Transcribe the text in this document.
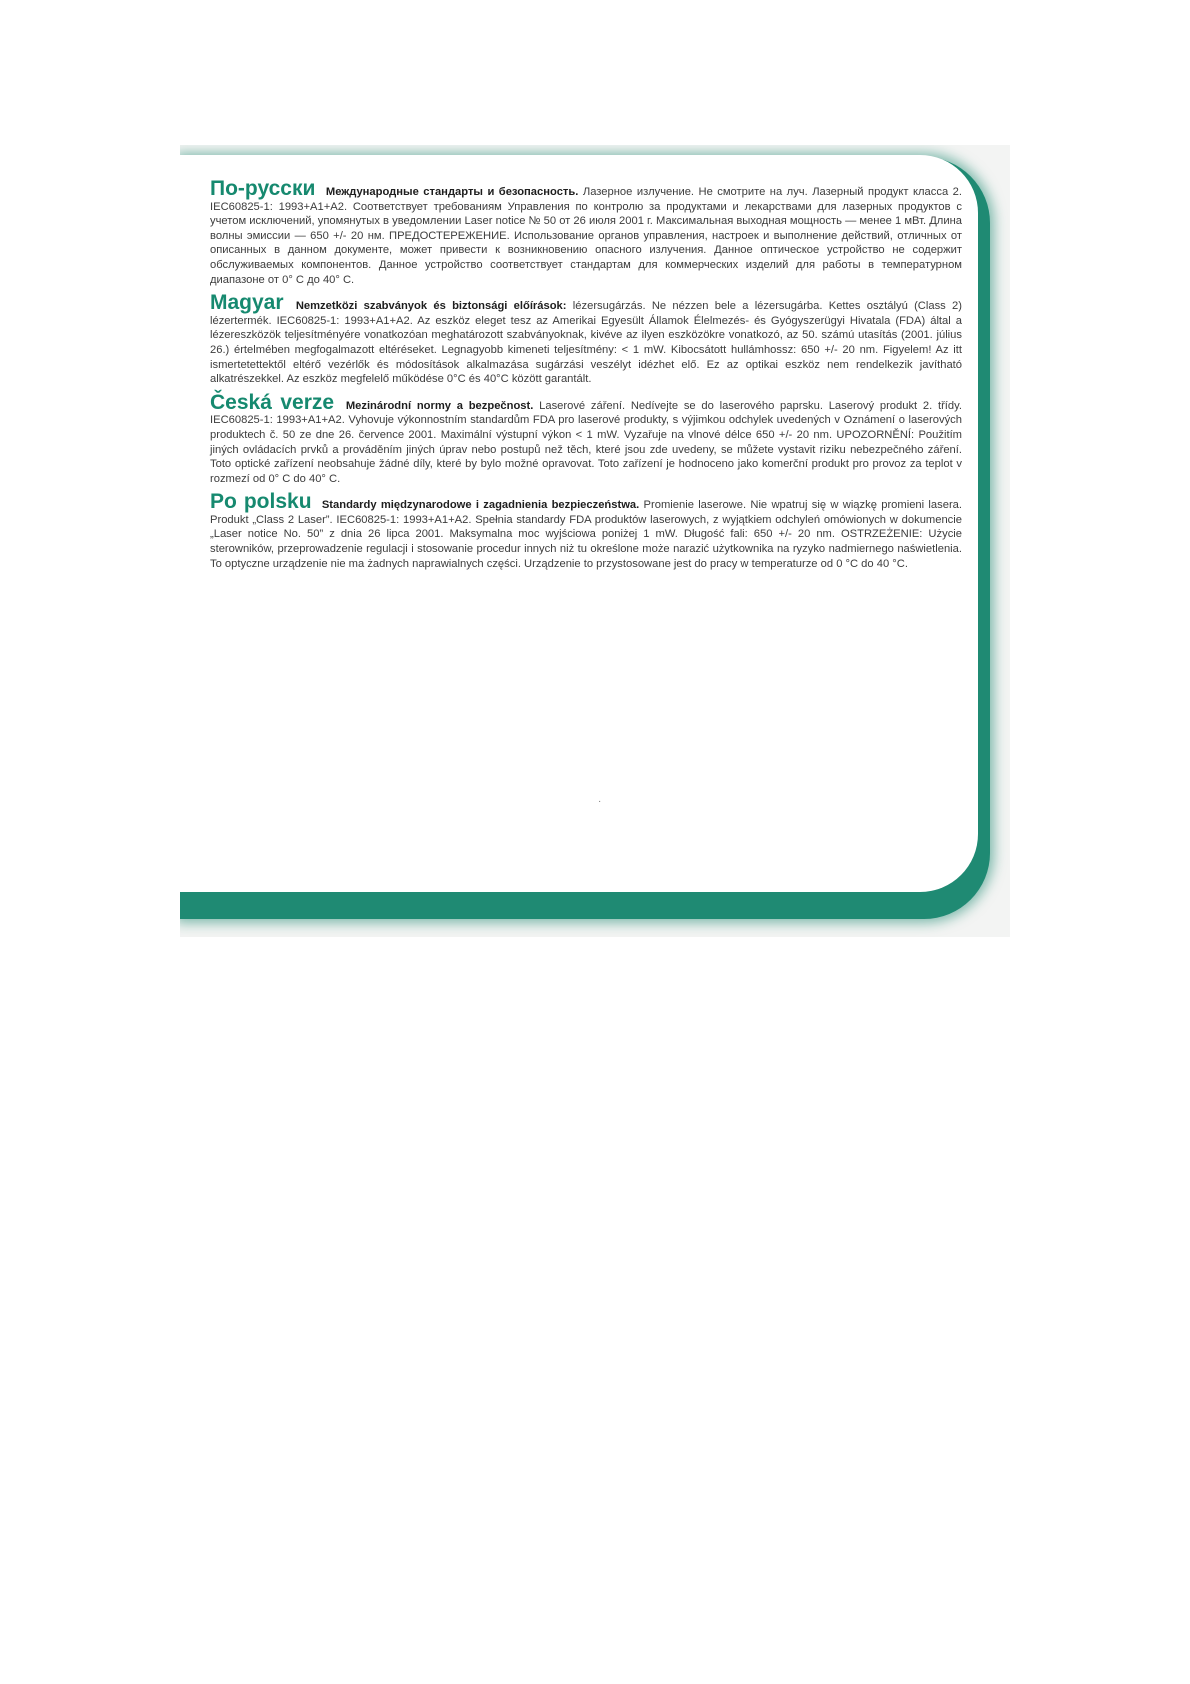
По-русски Международные стандарты и безопасность. Лазерное излучение. Не смотрите на луч. Лазерный продукт класса 2. IEC60825-1: 1993+A1+A2. Соответствует требованиям Управления по контролю за продуктами и лекарствами для лазерных продуктов с учетом исключений, упомянутых в уведомлении Laser notice № 50 от 26 июля 2001 г. Максимальная выходная мощность — менее 1 мВт. Длина волны эмиссии — 650 +/- 20 нм. ПРЕДОСТЕРЕЖЕНИЕ. Использование органов управления, настроек и выполнение действий, отличных от описанных в данном документе, может привести к возникновению опасного излучения. Данное оптическое устройство не содержит обслуживаемых компонентов. Данное устройство соответствует стандартам для коммерческих изделий для работы в температурном диапазоне от 0° C до 40° C.

Magyar Nemzetközi szabványok és biztonsági előírások: lézersugárzás. Ne nézzen bele a lézersugárba. Kettes osztályú (Class 2) lézertermék. IEC60825-1: 1993+A1+A2. Az eszköz eleget tesz az Amerikai Egyesült Államok Élelmezés- és Gyógyszerügyi Hivatala (FDA) által a lézereszközök teljesítményére vonatkozóan meghatározott szabványoknak, kivéve az ilyen eszközökre vonatkozó, az 50. számú utasítás (2001. július 26.) értelmében megfogalmazott eltéréseket. Legnagyobb kimeneti teljesítmény: < 1 mW. Kibocsátott hullámhossz: 650 +/- 20 nm. Figyelem! Az itt ismertetettektől eltérő vezérlők és módosítások alkalmazása sugárzási veszélyt idézhet elő. Ez az optikai eszköz nem rendelkezik javítható alkatrészekkel. Az eszköz megfelelő működése 0°C és 40°C között garantált.

Česká verze Mezinárodní normy a bezpečnost. Laserové záření. Nedívejte se do laserového paprsku. Laserový produkt 2. třídy. IEC60825-1: 1993+A1+A2. Vyhovuje výkonnostním standardům FDA pro laserové produkty, s výjimkou odchylek uvedených v Oznámení o laserových produktech č. 50 ze dne 26. července 2001. Maximální výstupní výkon < 1 mW. Vyzařuje na vlnové délce 650 +/- 20 nm. UPOZORNĚNÍ: Použitím jiných ovládacích prvků a prováděním jiných úprav nebo postupů než těch, které jsou zde uvedeny, se můžete vystavit riziku nebezpečného záření. Toto optické zařízení neobsahuje žádné díly, které by bylo možné opravovat. Toto zařízení je hodnoceno jako komerční produkt pro provoz za teplot v rozmezí od 0° C do 40° C.

Po polsku Standardy międzynarodowe i zagadnienia bezpieczeństwa. Promienie laserowe. Nie wpatruj się w wiązkę promieni lasera. Produkt „Class 2 Laser”. IEC60825-1: 1993+A1+A2. Spełnia standardy FDA produktów laserowych, z wyjątkiem odchyleń omówionych w dokumencie „Laser notice No. 50” z dnia 26 lipca 2001. Maksymalna moc wyjściowa poniżej 1 mW. Długość fali: 650 +/- 20 nm. OSTRZEŻENIE: Użycie sterowników, przeprowadzenie regulacji i stosowanie procedur innych niż tu określone może narazić użytkownika na ryzyko nadmiernego naświetlenia. To optyczne urządzenie nie ma żadnych naprawialnych części. Urządzenie to przystosowane jest do pracy w temperaturze od 0 °C do 40 °C.

·
